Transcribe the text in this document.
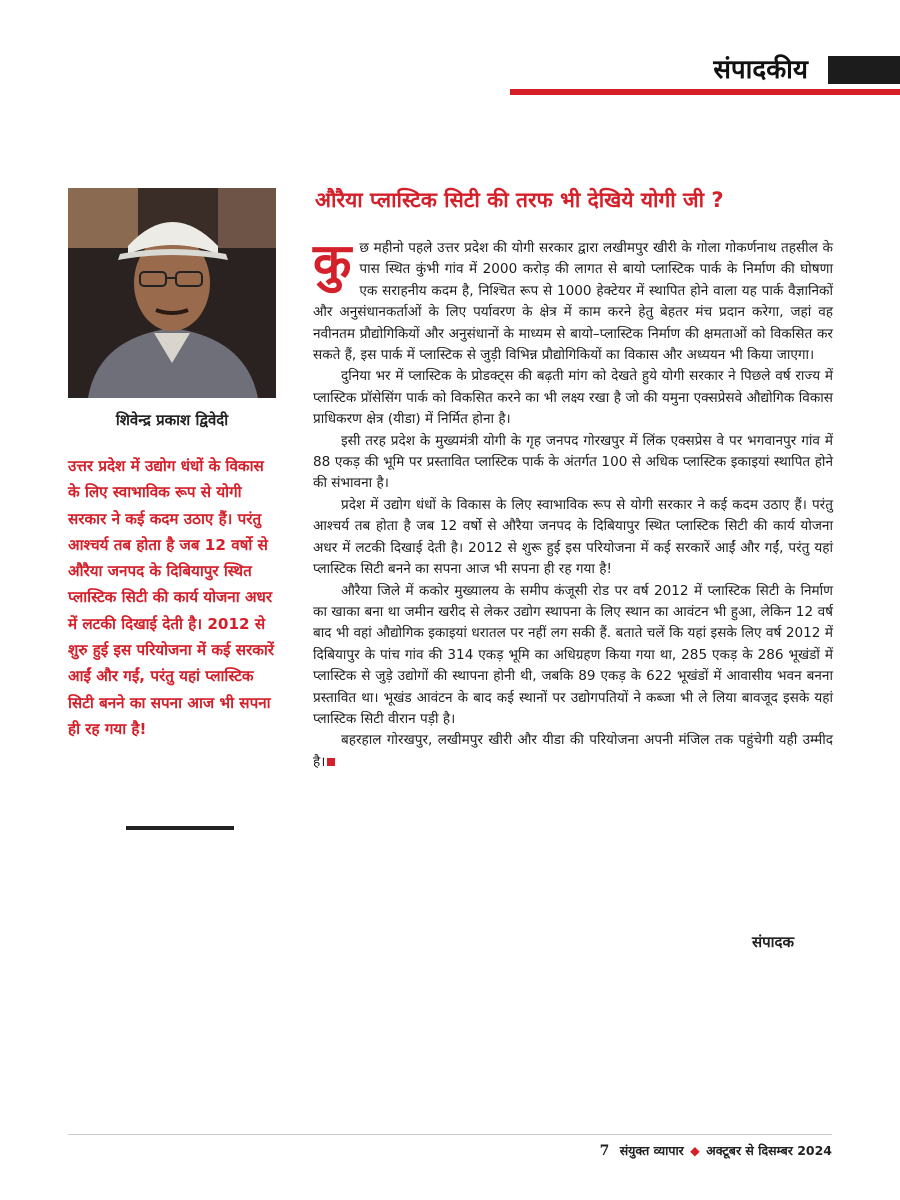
संपादकीय
शिवेन्द्र प्रकाश द्विवेदी

उत्तर प्रदेश में उद्योग धंधों के विकास के लिए स्वाभाविक रूप से योगी सरकार ने कई कदम उठाए हैं। परंतु आश्चर्य तब होता है जब 12 वर्षो से औरैया जनपद के दिबियापुर स्थित प्लास्टिक सिटी की कार्य योजना अधर में लटकी दिखाई देती है। 2012 से शुरु हुई इस परियोजना में कई सरकारें आईं और गईं, परंतु यहां प्लास्टिक सिटी बनने का सपना आज भी सपना ही रह गया है!

औरैया प्लास्टिक सिटी की तरफ भी देखिये योगी जी ?

कुछ महीनो पहले उत्तर प्रदेश की योगी सरकार द्वारा लखीमपुर खीरी के गोला गोकर्णनाथ तहसील के पास स्थित कुंभी गांव में 2000 करोड़ की लागत से बायो प्लास्टिक पार्क के निर्माण की घोषणा एक सराहनीय कदम है, निश्चित रूप से 1000 हेक्टेयर में स्थापित होने वाला यह पार्क वैज्ञानिकों और अनुसंधानकर्ताओं के लिए पर्यावरण के क्षेत्र में काम करने हेतु बेहतर मंच प्रदान करेगा, जहां वह नवीनतम प्रौद्योगिकियों और अनुसंधानों के माध्यम से बायो–प्लास्टिक निर्माण की क्षमताओं को विकसित कर सकते हैं, इस पार्क में प्लास्टिक से जुड़ी विभिन्न प्रौद्योगिकियों का विकास और अध्ययन भी किया जाएगा।

दुनिया भर में प्लास्टिक के प्रोडक्ट्स की बढ़ती मांग को देखते हुये योगी सरकार ने पिछले वर्ष राज्य में प्लास्टिक प्रॉसेसिंग पार्क को विकसित करने का भी लक्ष्य रखा है जो की यमुना एक्सप्रेसवे औद्योगिक विकास प्राधिकरण क्षेत्र (यीडा) में निर्मित होना है।

इसी तरह प्रदेश के मुख्यमंत्री योगी के गृह जनपद गोरखपुर में लिंक एक्सप्रेस वे पर भगवानपुर गांव में 88 एकड़ की भूमि पर प्रस्तावित प्लास्टिक पार्क के अंतर्गत 100 से अधिक प्लास्टिक इकाइयां स्थापित होने की संभावना है।

प्रदेश में उद्योग धंधों के विकास के लिए स्वाभाविक रूप से योगी सरकार ने कई कदम उठाए हैं। परंतु आश्चर्य तब होता है जब 12 वर्षो से औरैया जनपद के दिबियापुर स्थित प्लास्टिक सिटी की कार्य योजना अधर में लटकी दिखाई देती है। 2012 से शुरू हुई इस परियोजना में कई सरकारें आईं और गईं, परंतु यहां प्लास्टिक सिटी बनने का सपना आज भी सपना ही रह गया है!

औरैया जिले में ककोर मुख्यालय के समीप कंजूसी रोड पर वर्ष 2012 में प्लास्टिक सिटी के निर्माण का खाका बना था जमीन खरीद से लेकर उद्योग स्थापना के लिए स्थान का आवंटन भी हुआ, लेकिन 12 वर्ष बाद भी वहां औद्योगिक इकाइयां धरातल पर नहीं लग सकी हैं. बताते चलें कि यहां इसके लिए वर्ष 2012 में दिबियापुर के पांच गांव की 314 एकड़ भूमि का अधिग्रहण किया गया था, 285 एकड़ के 286 भूखंडों में प्लास्टिक से जुड़े उद्योगों की स्थापना होनी थी, जबकि 89 एकड़ के 622 भूखंडों में आवासीय भवन बनना प्रस्तावित था। भूखंड आवंटन के बाद कई स्थानों पर उद्योगपतियों ने कब्जा भी ले लिया बावजूद इसके यहां प्लास्टिक सिटी वीरान पड़ी है।

बहरहाल गोरखपुर, लखीमपुर खीरी और यीडा की परियोजना अपनी मंजिल तक पहुंचेगी यही उम्मीद है।

संपादक
7 संयुक्त व्यापार ◆ अक्टूबर से दिसम्बर 2024
